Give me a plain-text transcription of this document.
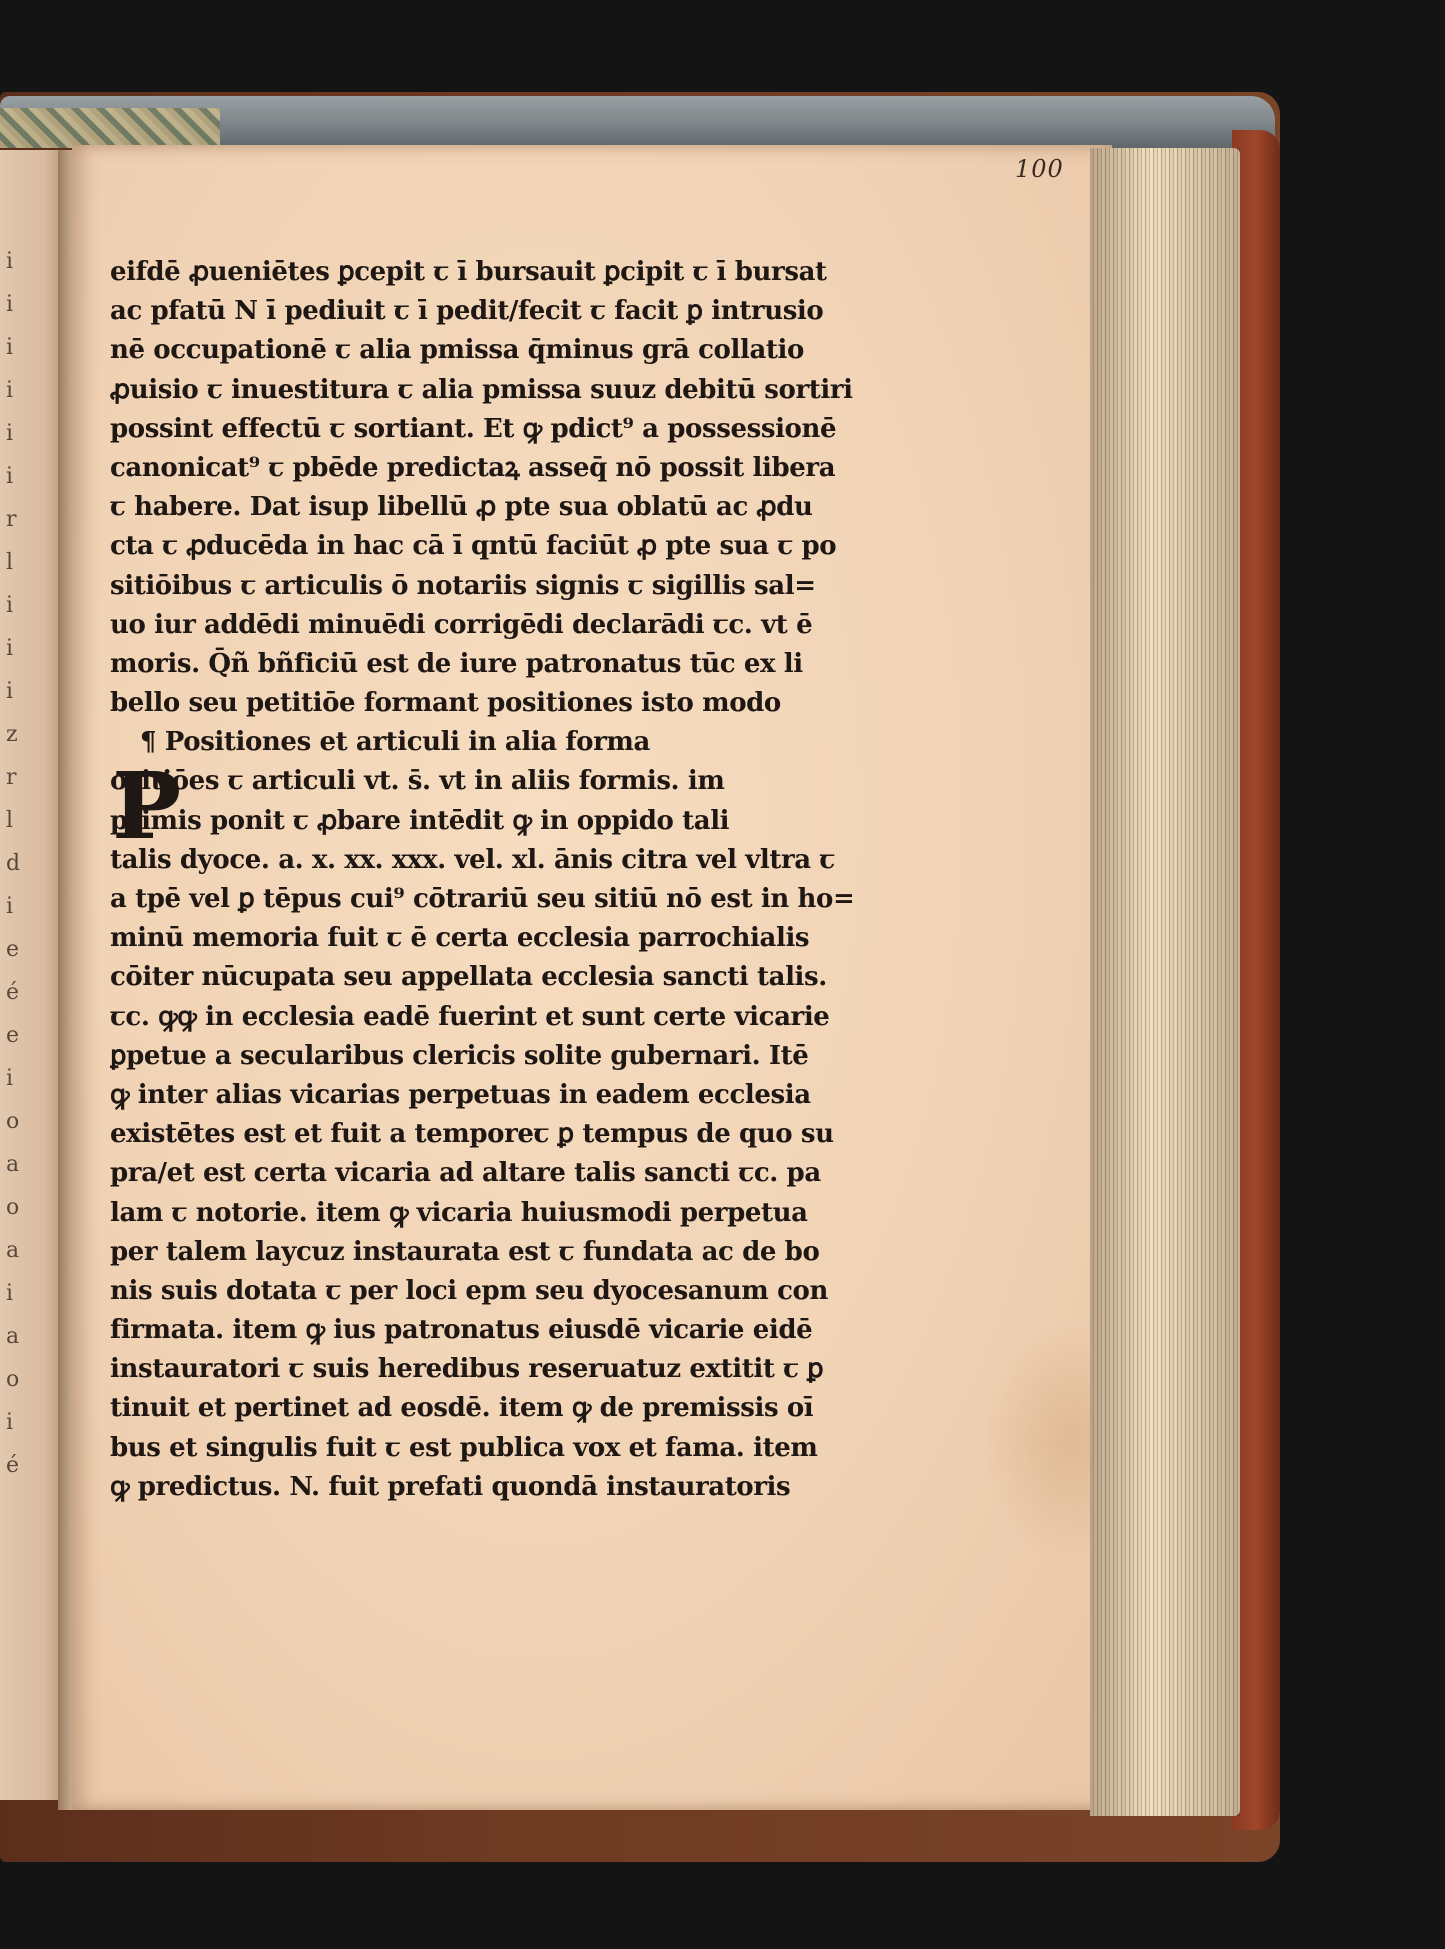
i
i
i
i
i
i
r
l
i
i
i
z
r
l
d
i
e
é
e
i
o
a
o
a
i
a
o
i
é
100
eifdē ꝓueniētes ꝑcepit ꞇ ī bursauit ꝑcipit ꞇ ī bursat
ac pfatū N ī pediuit ꞇ ī pedit/fecit ꞇ facit ꝑ intrusio
nē occupationē ꞇ alia pmissa q̄minus grā collatio
ꝓuisio ꞇ inuestitura ꞇ alia pmissa suuz debitū sortiri
possint effectū ꞇ sortiant. Et ꝙ pdict⁹ a possessionē
canonicat⁹ ꞇ pbēde predictaꝝ asseq̄ nō possit libera
ꞇ habere. Dat isup libellū ꝓ pte sua oblatū ac ꝓdu
cta ꞇ ꝓducēda in hac cā ī qntū faciūt ꝓ pte sua ꞇ po
sitiōibus ꞇ articulis ō notariis signis ꞇ sigillis sal=
uo iur addēdi minuēdi corrigēdi declarādi ꞇc. vt ē
moris. Q̄ñ bñficiū est de iure patronatus tūc ex li
bello seu petitiōe formant positiones isto modo
¶ Positiones et articuli in alia forma
ositiōes ꞇ articuli vt. s̄. vt in aliis formis. im
primis ponit ꞇ ꝓbare intēdit ꝙ in oppido tali
talis dyoce. a. x. xx. xxx. vel. xl. ānis citra vel vltra ꞇ
a tpē vel ꝑ tēpus cui⁹ cōtrariū seu sitiū nō est in ho=
minū memoria fuit ꞇ ē certa ecclesia parrochialis
cōiter nūcupata seu appellata ecclesia sancti talis.
ꞇc. ꝙꝙ in ecclesia eadē fuerint et sunt certe vicarie
ꝑpetue a secularibus clericis solite gubernari. Itē
ꝙ inter alias vicarias perpetuas in eadem ecclesia
existētes est et fuit a temporeꞇ ꝑ tempus de quo su
pra/et est certa vicaria ad altare talis sancti ꞇc. pa
lam ꞇ notorie. item ꝙ vicaria huiusmodi perpetua
per talem laycuz instaurata est ꞇ fundata ac de bo
nis suis dotata ꞇ per loci epm seu dyocesanum con
firmata. item ꝙ ius patronatus eiusdē vicarie eidē
instauratori ꞇ suis heredibus reseruatuz extitit ꞇ ꝑ
tinuit et pertinet ad eosdē. item ꝙ de premissis oī
bus et singulis fuit ꞇ est publica vox et fama. item
ꝙ predictus. N. fuit prefati quondā instauratoris
P
